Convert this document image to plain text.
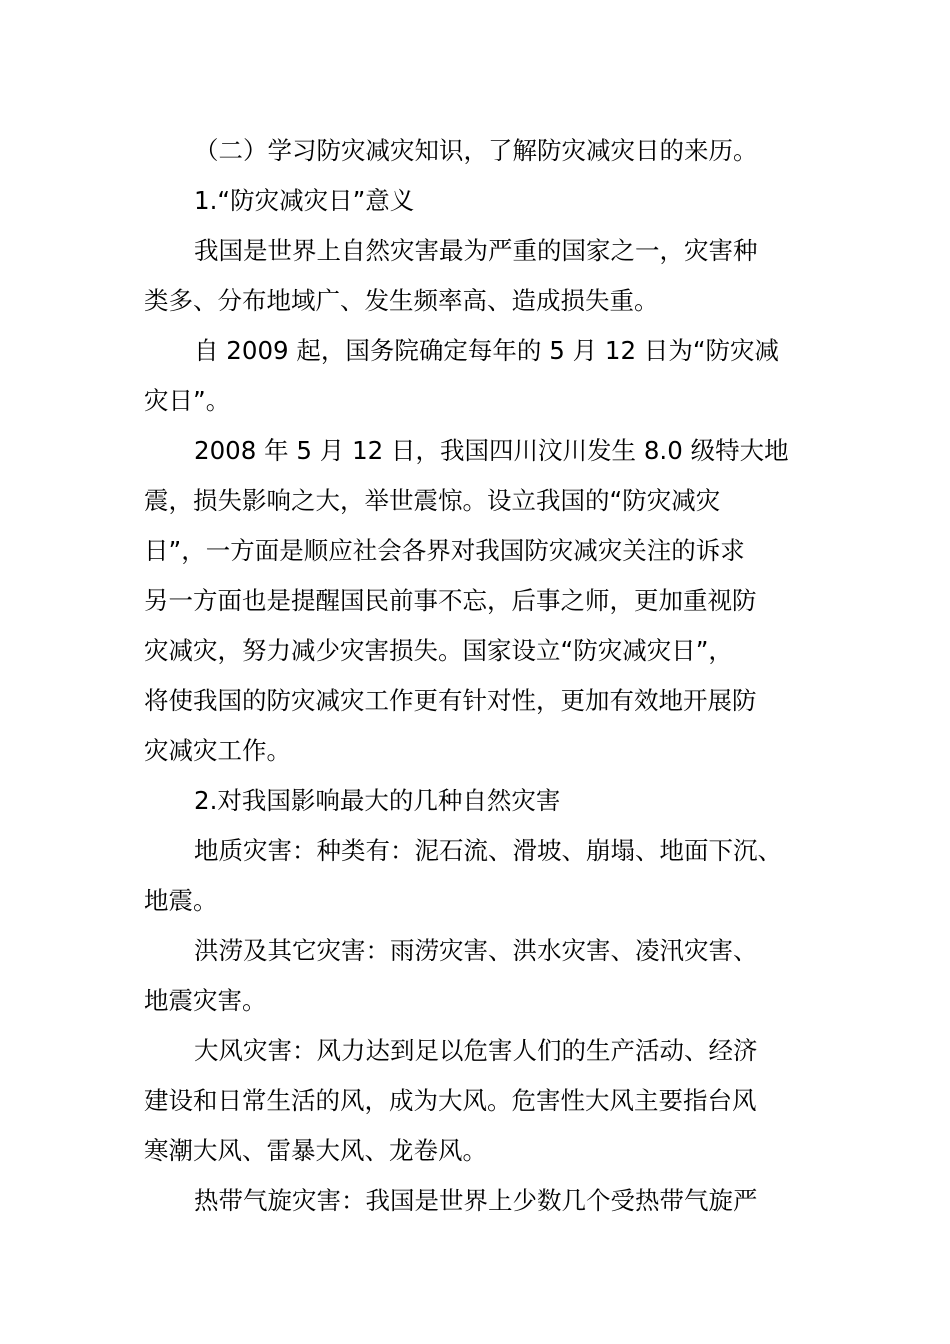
（二）学习防灾减灾知识，了解防灾减灾日的来历。
1.“防灾减灾日”意义
我国是世界上自然灾害最为严重的国家之一，灾害种
类多、分布地域广、发生频率高、造成损失重。
自 2009 起，国务院确定每年的 5 月 12 日为“防灾减
灾日”。
2008 年 5 月 12 日，我国四川汶川发生 8.0 级特大地
震，损失影响之大，举世震惊。设立我国的“防灾减灾
日”，一方面是顺应社会各界对我国防灾减灾关注的诉求
另一方面也是提醒国民前事不忘，后事之师，更加重视防
灾减灾，努力减少灾害损失。国家设立“防灾减灾日”，
将使我国的防灾减灾工作更有针对性，更加有效地开展防
灾减灾工作。
2.对我国影响最大的几种自然灾害
地质灾害：种类有：泥石流、滑坡、崩塌、地面下沉、
地震。
洪涝及其它灾害：雨涝灾害、洪水灾害、凌汛灾害、
地震灾害。
大风灾害：风力达到足以危害人们的生产活动、经济
建设和日常生活的风，成为大风。危害性大风主要指台风
寒潮大风、雷暴大风、龙卷风。
热带气旋灾害：我国是世界上少数几个受热带气旋严
